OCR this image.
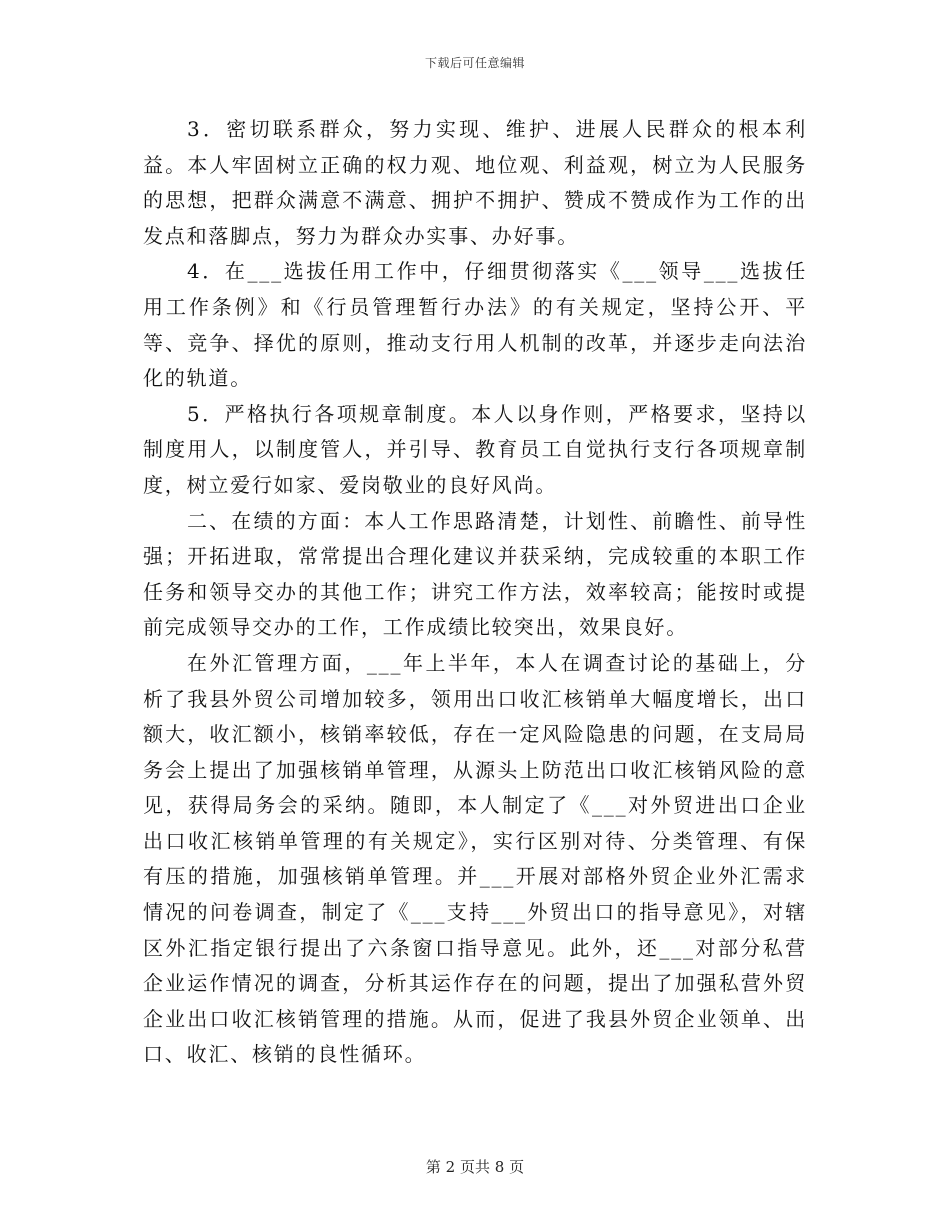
下载后可任意编辑

3．密切联系群众，努力实现、维护、进展人民群众的根本利益。本人牢固树立正确的权力观、地位观、利益观，树立为人民服务的思想，把群众满意不满意、拥护不拥护、赞成不赞成作为工作的出发点和落脚点，努力为群众办实事、办好事。

4．在___选拔任用工作中，仔细贯彻落实《___领导___选拔任用工作条例》和《行员管理暂行办法》的有关规定，坚持公开、平等、竞争、择优的原则，推动支行用人机制的改革，并逐步走向法治化的轨道。

5．严格执行各项规章制度。本人以身作则，严格要求，坚持以制度用人，以制度管人，并引导、教育员工自觉执行支行各项规章制度，树立爱行如家、爱岗敬业的良好风尚。

二、在绩的方面：本人工作思路清楚，计划性、前瞻性、前导性强；开拓进取，常常提出合理化建议并获采纳，完成较重的本职工作任务和领导交办的其他工作；讲究工作方法，效率较高；能按时或提前完成领导交办的工作，工作成绩比较突出，效果良好。

在外汇管理方面，___年上半年，本人在调查讨论的基础上，分析了我县外贸公司增加较多，领用出口收汇核销单大幅度增长，出口额大，收汇额小，核销率较低，存在一定风险隐患的问题，在支局局务会上提出了加强核销单管理，从源头上防范出口收汇核销风险的意见，获得局务会的采纳。随即，本人制定了《___对外贸进出口企业出口收汇核销单管理的有关规定》，实行区别对待、分类管理、有保有压的措施，加强核销单管理。并___开展对部格外贸企业外汇需求情况的问卷调查，制定了《___支持___外贸出口的指导意见》，对辖区外汇指定银行提出了六条窗口指导意见。此外，还___对部分私营企业运作情况的调查，分析其运作存在的问题，提出了加强私营外贸企业出口收汇核销管理的措施。从而，促进了我县外贸企业领单、出口、收汇、核销的良性循环。

第 2 页共 8 页
